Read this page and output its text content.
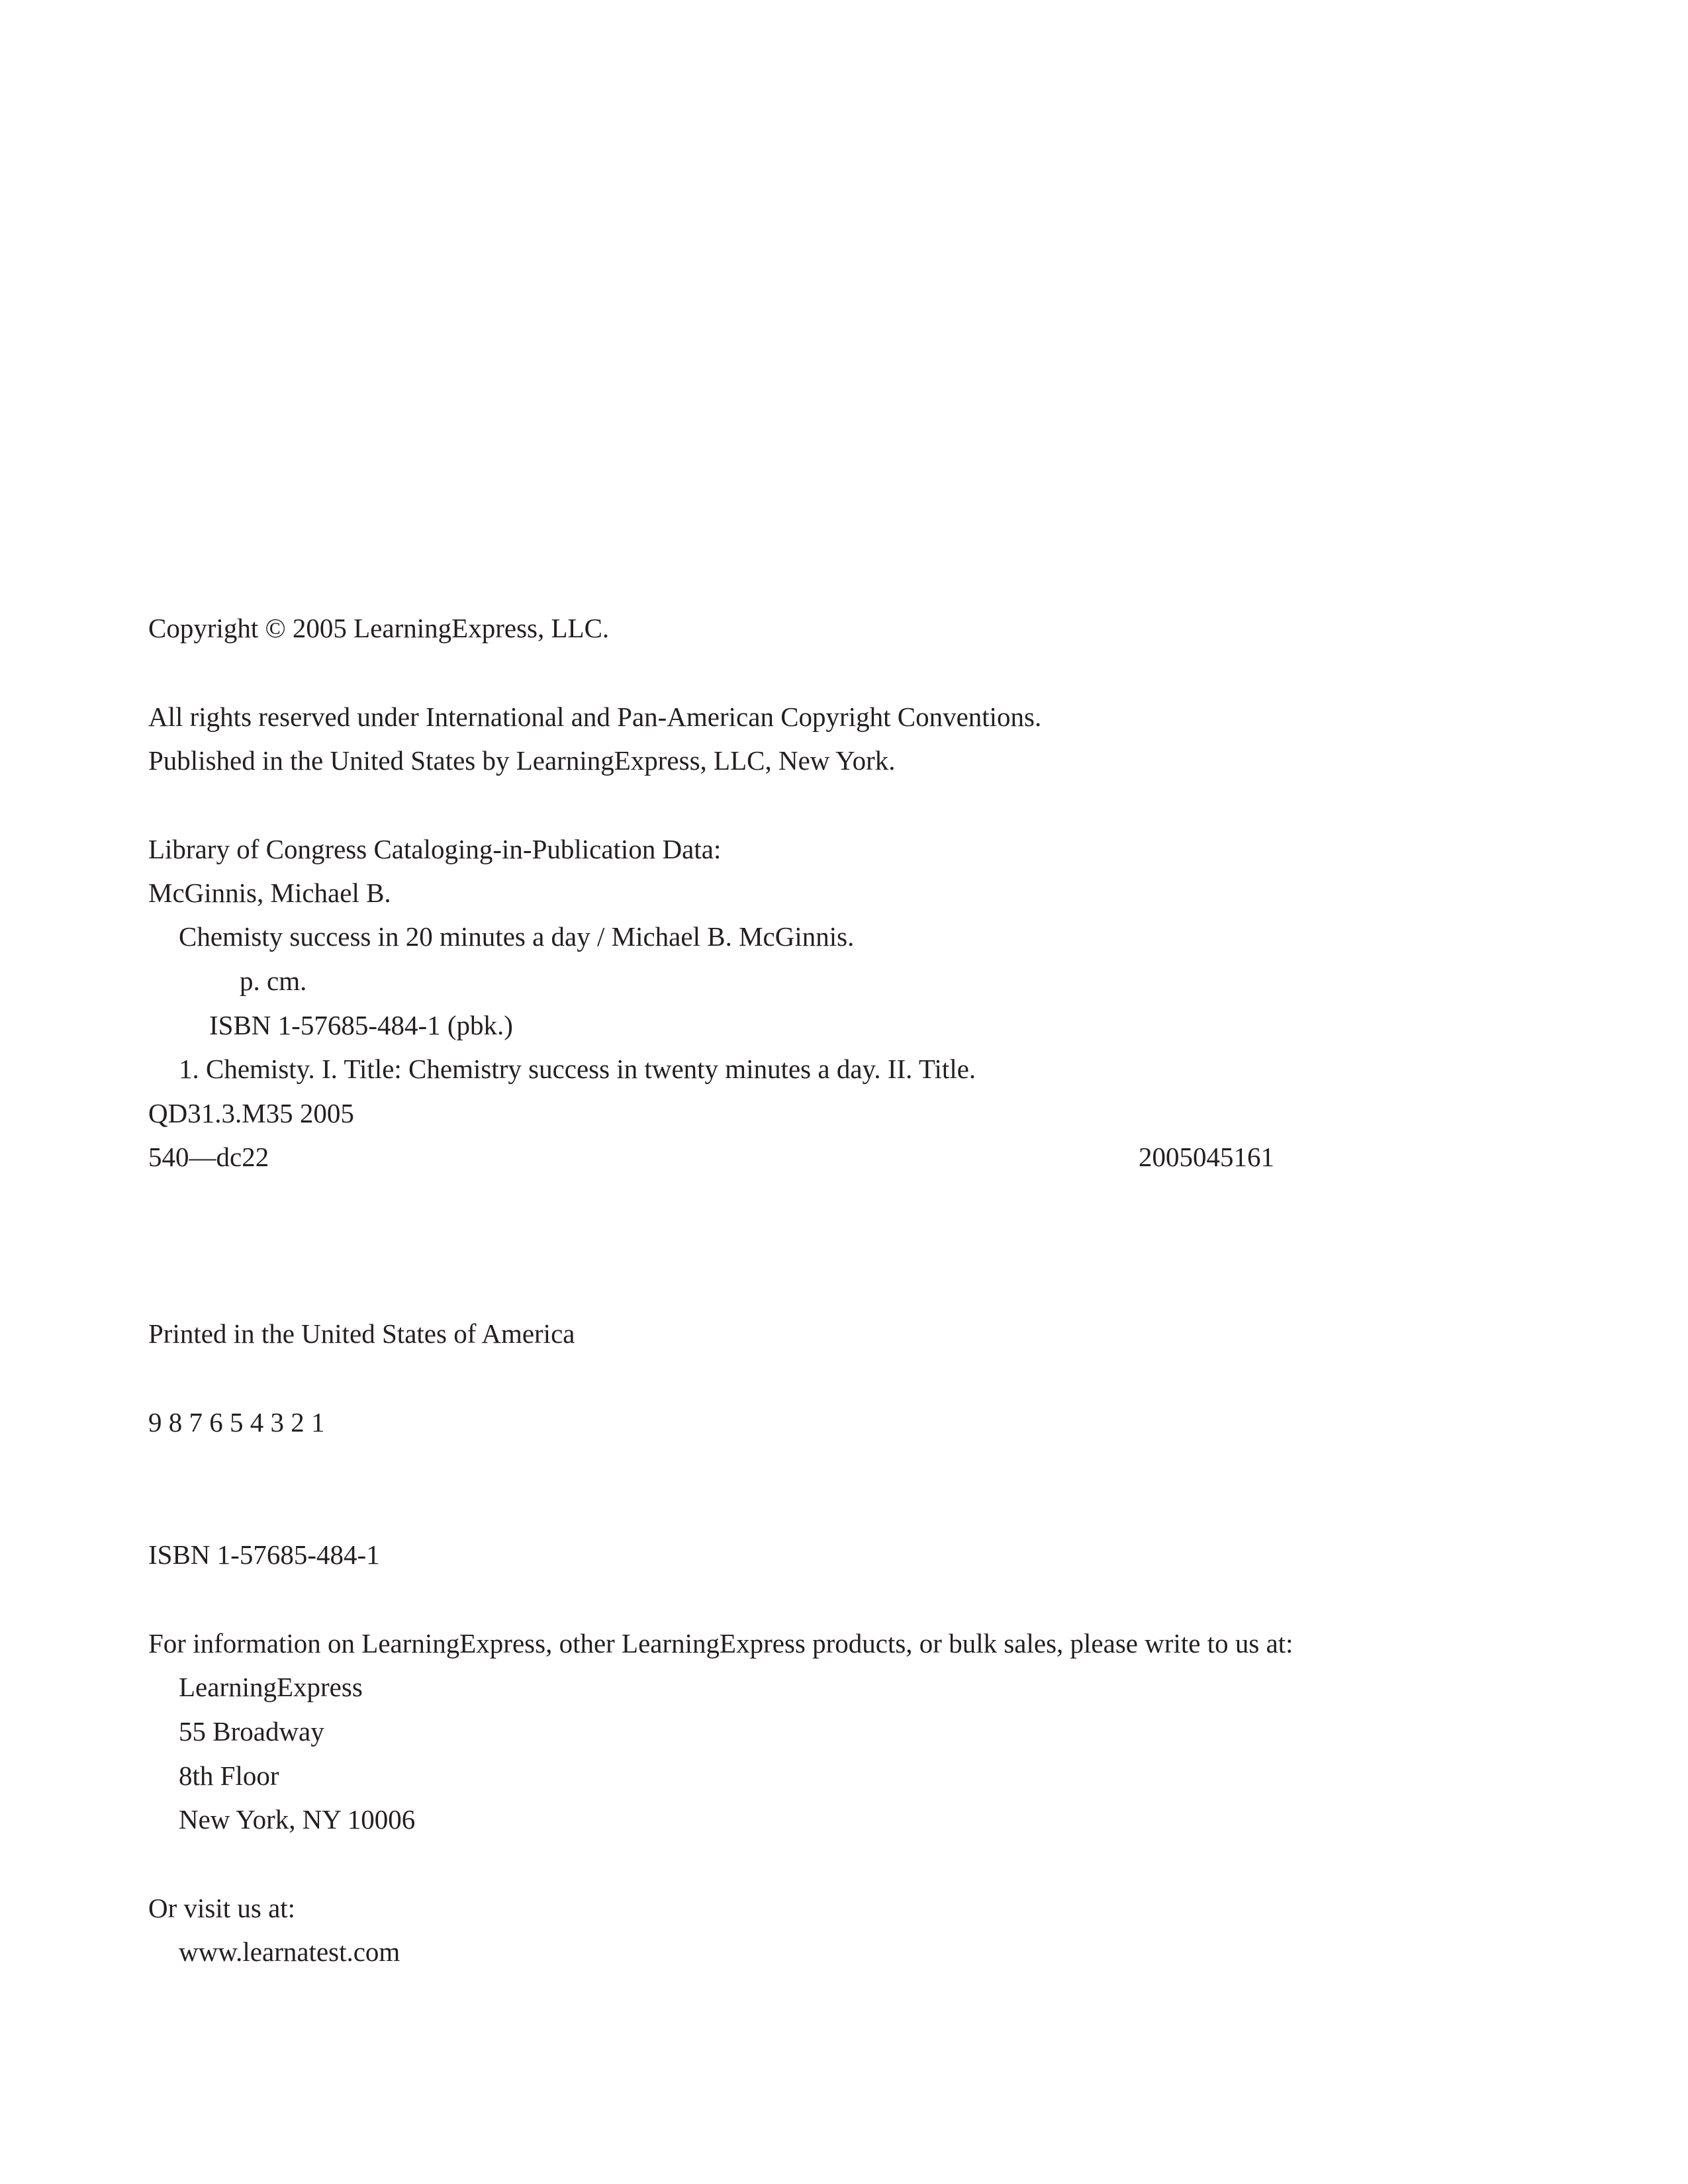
Copyright © 2005 LearningExpress, LLC.
All rights reserved under International and Pan-American Copyright Conventions.
Published in the United States by LearningExpress, LLC, New York.
Library of Congress Cataloging-in-Publication Data:
McGinnis, Michael B.
Chemisty success in 20 minutes a day / Michael B. McGinnis.
p. cm.
ISBN 1-57685-484-1 (pbk.)
1. Chemisty. I. Title: Chemistry success in twenty minutes a day. II. Title.
QD31.3.M35 2005
540—dc22	2005045161
Printed in the United States of America
9 8 7 6 5 4 3 2 1
ISBN 1-57685-484-1
For information on LearningExpress, other LearningExpress products, or bulk sales, please write to us at:
LearningExpress
55 Broadway
8th Floor
New York, NY 10006
Or visit us at:
www.learnatest.com
